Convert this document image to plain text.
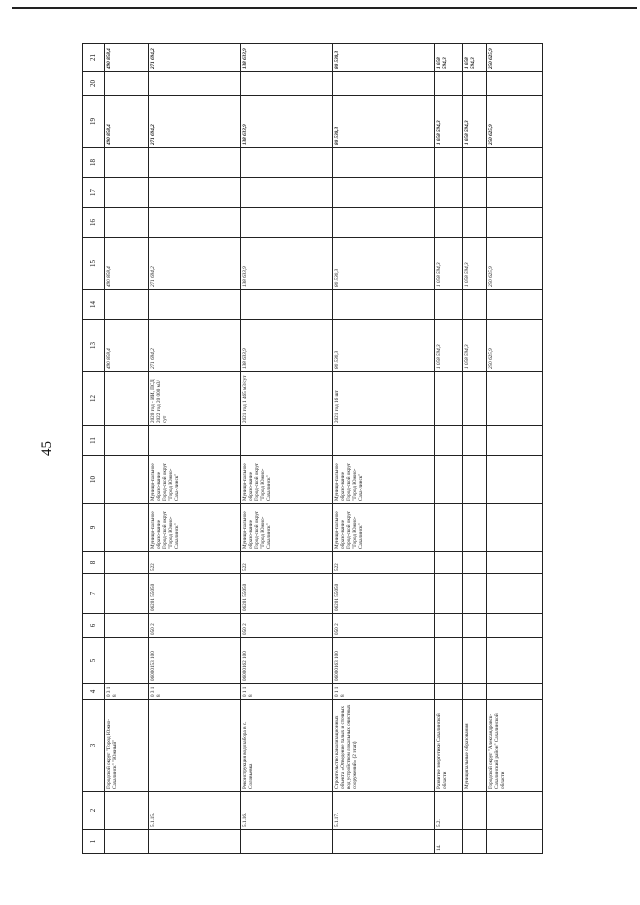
45
1	2	3	4	5	6	7	8	9	10	11	12	13	14	15	16	17	18	19	20	21
		Городской округ "Город Южно-Сахалинск" "Южный"	0 3 1 8									490 858,4		490 858,4				490 858,4		490 858,4
	5.1.15.		0 3 1 8	06000153 100	050 2	06201 55050	522	Муници-пальное образо-вание Город-ской округ "Город Южно-Сахалинск"	Муници-пальное образо-вание Город-ской округ "Город Южно-Саха-линск"		2020 год - ИИ, ПСД 2022 год 20 000 м3/сут	271 694,2		271 694,2				271 694,2		271 694,2
	5.1.16.	Реконструкция водозабора в с. Соловьевка	0 1 1 8	06000162 100	050 2	06201 55050	522	Муници-пальное образо-вание Город-ской округ "Город Южно-Сахалинск"	Муници-пальное образо-вание Город-ской округ "Город Южно-Сахалинск"		2021 год 1 465 м3/сут	138 633,9		138 633,9				138 633,9		138 633,9
	5.1.17.	Строительство канализационных объекта «Отведение талых и сточных вод устройством локальных очистных сооружений» (2 этап)	0 1 1 8	06000163 100	050 2	06201 55050	522	Муници-пальное образо-вание Город-ской округ "Город Южно-Сахалинск"	Муници-пальное образо-вание Город-ской округ "Город Южно-Саха-линск"		2021 год 16 шт	80 530,3		80 530,3				80 530,3		80 530,3
14.	5.2.	Развитие энергетики Сахалинской области										1 058 594,3		1 058 594,3				1 058 594,3		1 058 594,3
		Муниципальные образования										1 058 594,3		1 058 594,3				1 058 594,3		1 058 594,3
		Городской округ "Александровск-Сахалинский район" Сахалинской области										250 625,9		250 625,9				250 625,9		250 625,9
